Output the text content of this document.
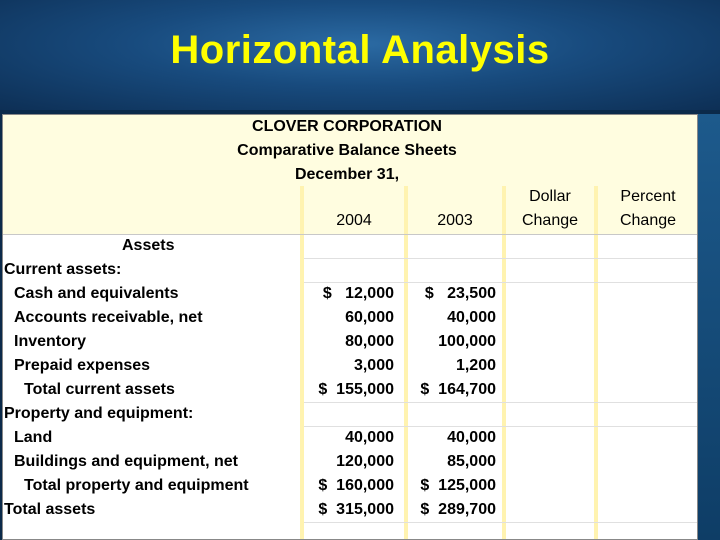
Horizontal Analysis
CLOVER CORPORATION
Comparative Balance Sheets
December 31,
2004	2003
Dollar
Change
Percent
Change
Assets
Current assets:
Cash and equivalents
Accounts receivable, net
Inventory
Prepaid expenses
Total current assets
Property and equipment:
Land
Buildings and equipment, net
Total property and equipment
Total assets
$   12,000
60,000
80,000
3,000
$  155,000
40,000
120,000
$  160,000
$  315,000
$   23,500
40,000
100,000
1,200
$  164,700
40,000
85,000
$  125,000
$  289,700
